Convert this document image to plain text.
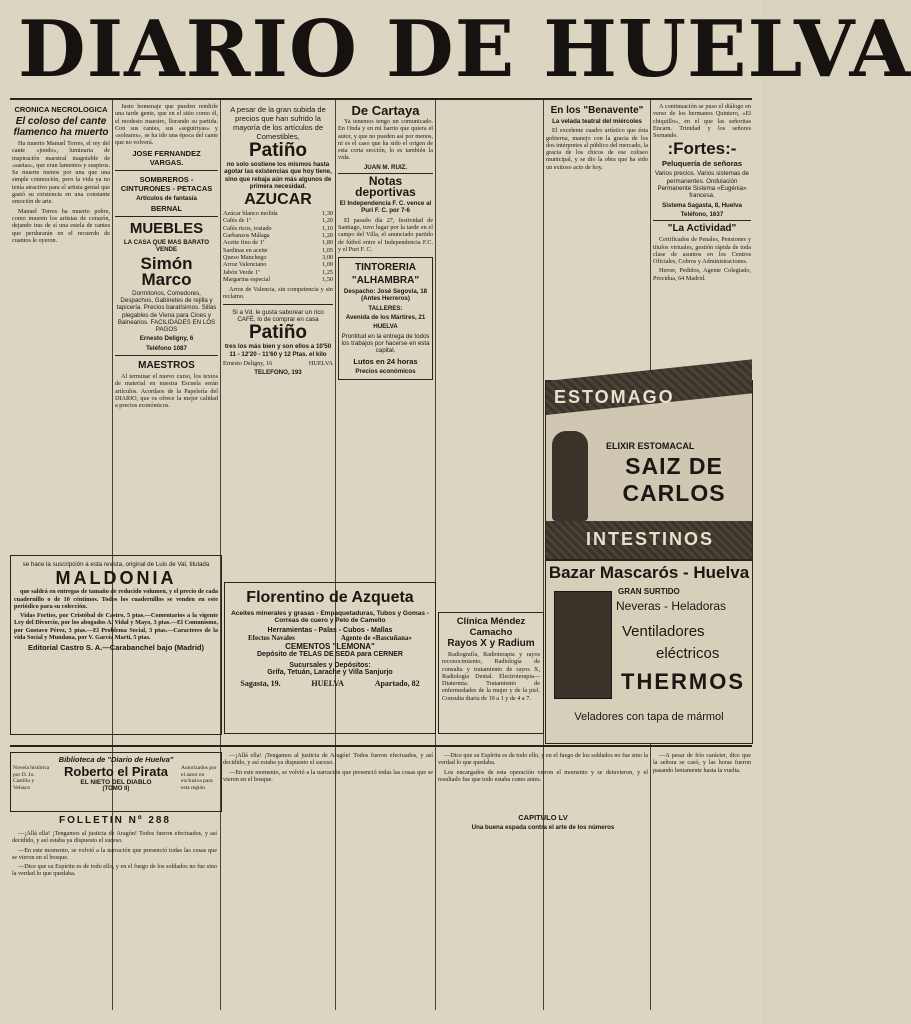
DIARIO DE HUELVA
CRONICA NECROLOGICA
El coloso del cante flamenco ha muerto

Ha muerto Manuel Torres, el rey del cante «jondo», luminaria de inspiración maestral inagotable de «saetas», que eran lamentos y suspiros. Se muerte menos por una que una simple conmoción, pero la vida ya no tenía atractivo para el artista genial que gastó su existencia en una constante emoción de arte.

Manuel Torres ha muerto pobre, como mueren los artistas de corazón, dejando tras de sí una estela de cantes que perdurarán en el recuerdo de cuantos le oyeron.

Justo homenaje que pueden rendirle una tarde gente, que en el sitio como él, el modesto maestro, llorando su partida. Con sus cantes, sus «seguiriyas» y «soleares», se ha ido una época del cante que no volverá.

JOSE FERNANDEZ VARGAS.
SOMBREROS - CINTURONES - PETACAS
Artículos de fantasía
BERNAL
MUEBLES
LA CASA QUE MAS BARATO VENDE
Simón Marco
Dormitorios, Comedores, Despachos, Gabinetes de rejilla y tapicería. Precios baratísimos. Sillas plegables de Viena para Cines y Balnearios. FACILIDADES EN LOS PAGOS
Ernesto Deligny, 6
Teléfono 1087
MAESTROS

Al terminar el nuevo curso, los textos de material en nuestra Escuela serán artículos. Acordaos de la Papelería del DIARIO, que os ofrece la mejor calidad a precios económicos.

A pesar de la gran subida de precios que han sufrido la mayoría de los artículos de Comestibles,
Patiño
no solo sostiene los mismos hasta agotar las existencias que hoy tiene, sino que rebaja aún más algunos de primera necesidad.
AZUCAR
Azúcar blanco molida	1,30
Cafés de 1ª	1,20
Cafés ricos, tostado	1,10
Garbanzos Málaga	1,20
Aceite fino de 1ª	1,80
Sardinas en aceite	1,05
Queso Manchego	3,00
Arroz Valenciano	1,00
Jabón Verde 1ª	1,25
Margarina especial	1,50

Arroz de Valencia, sin competencia y sin reclamo.

Si a Vd. le gusta saborear un rico CAFÉ, lo de comprar en casa
Patiño
tres los más bien y son ellos a 10'50 11 - 12'20 - 11'60 y 12 Ptas. el kilo
Ernesto Deligny, 16	HUELVA
TELEFONO, 193
De Cartaya

Ya tenemos tengo un comunicado. En Onda y en mi barrio que quiera el autor, y que no pueden así por menos, ni es el caso que ha sido el origen de esta corta sección, lo es también la vida.

JUAN M. RUIZ.
Notas deportivas
El Independencia F. C. vence al Puri F. C. por 7-6

El pasado día 27, festividad de Santiago, tuvo lugar por la tarde en el campo del Villa, el anunciado partido de fútbol entre el Independencia F.C. y el Puri F. C.

TINTORERIA
"ALHAMBRA"
Despacho: José Segovia, 18 (Antes Herreros)
TALLERES:
Avenida de los Mártires, 21
HUELVA
Prontitud en la entrega de todos los trabajos por hacerse en esta capital.
Lutos en 24 horas
Precios económicos
En los "Benavente"
La velada teatral del miércoles

El excelente cuadro artístico que ésta gobierna, manejo con la gracia de los dos intérpretes al público del mercado, la gracia de los chicos de ese coliseo municipal, y se dio la obra que ha sido un exitoso acto de hoy.

A continuación se puso el diálogo en verso de los hermanos Quintero, «El chiquillo», en el que las señoritas Encarn. Trinidad y los señores Sernando.

:Fortes:-
Peluquería de señoras
Varios precios. Varios sistemas de permanentes. Ondulación Permanente Sistema «Eugénia» francesa.
Sistema Sagasta, 8, Huelva
Teléfono, 1637
"La Actividad"

Certificados de Penales, Pensiones y títulos virtuales, gestión rápida de toda clase de asuntos en los Centros Oficiales, Cobros y Administraciones.

Herrer, Pedidos, Agente Colegiado, Procidua, 64 Madrid.

ESTOMAGO
ELIXIR ESTOMACAL
SAIZ DE CARLOS
INTESTINOS
Bazar Mascarós - Huelva
GRAN SURTIDO
Neveras - Heladoras
Ventiladores
eléctricos
THERMOS
Veladores con tapa de mármol
se hace la suscripción a esta revista, original de Luis de Val, titulada
MALDONIA

que saldrá en entregas de tamaño de reducido volumen, y el precio de cada cuadernillo o de 10 céntimos. Todos los cuadernillos se venden en este periódico para su colección.

Vidas Fortíes, por Cristóbal de Castro, 5 ptas.—Comentarios a la vigente Ley del Divorcio, por los abogados A. Vidal y Mayo, 3 ptas.—El Comunismo, por Gustavo Pérez, 3 ptas.—El Problema Social, 3 ptas.—Caracteres de la vida Social y Mundana, por V. García Martí, 5 ptas.

Editorial Castro S. A.—Carabanchel bajo (Madrid)
Florentino de Azqueta
Aceites minerales y grasas - Empaquetaduras, Tubos y Gomas - Correas de cuero y Pelo de Camello
Herramientas - Palas - Cubos - Mallas
Efectos Navales	Agente de «Bascuñana»
CEMENTOS "LEMONA"
Depósito de TELAS DE SEDA para CERNER
Sucursales y Depósitos:
Grifa, Tetuán, Larache y Villa Sanjurjo
Sagasta, 19.	HUELVA	Apartado, 82
Clínica Méndez Camacho
Rayos X y Radium

Radiografía, Radioterapia y rayos reconocimiento, Radiología de consulta y tratamiento de rayos X, Radiología Dental. Electroterapia—Diatermia. Tratamiento de enfermedades de la mujer y de la piel. Consulta diaria de 10 a 1 y de 4 a 7.

Biblioteca de "Diario de Huelva"
Novela histórica por D. Jo. Castillo y Velasco
Autorizados por el autor en exclusiva para esta región
Roberto el Pirata
EL NIETO DEL DIABLO
(TOMO II)
FOLLETIN Nº 288

—¡Allá ella! ¡Tengamos al justicia de Aragón! Todos fueron efectuados, y así decidido, y así estaba ya dispuesto el suceso.

—En este momento, se volvió a la narración que presenció todas las cosas que se vieron en el bosque.

—Dice que su Espíritu es de todo ello, y en el fuego de los soldados no fue sino la verdad lo que quedaba.

—¡Allá ella! ¡Tengamos al justicia de Aragón! Todos fueron efectuados, y así decidido, y así estaba ya dispuesto el suceso.

—En este momento, se volvió a la narración que presenció todas las cosas que se vieron en el bosque.

—Dice que su Espíritu es de todo ello, y en el fuego de los soldados no fue sino la verdad lo que quedaba.

Los encargados de esta operación vieron el momento y se detuvieron, y el resultado fue que todo estaba como antes.

CAPITULO LV
Una buena espada contra el arte de los números

—A pesar de frío carácter, dice que la señora se casó, y las horas fueron pasando lentamente hasta la vuelta.
